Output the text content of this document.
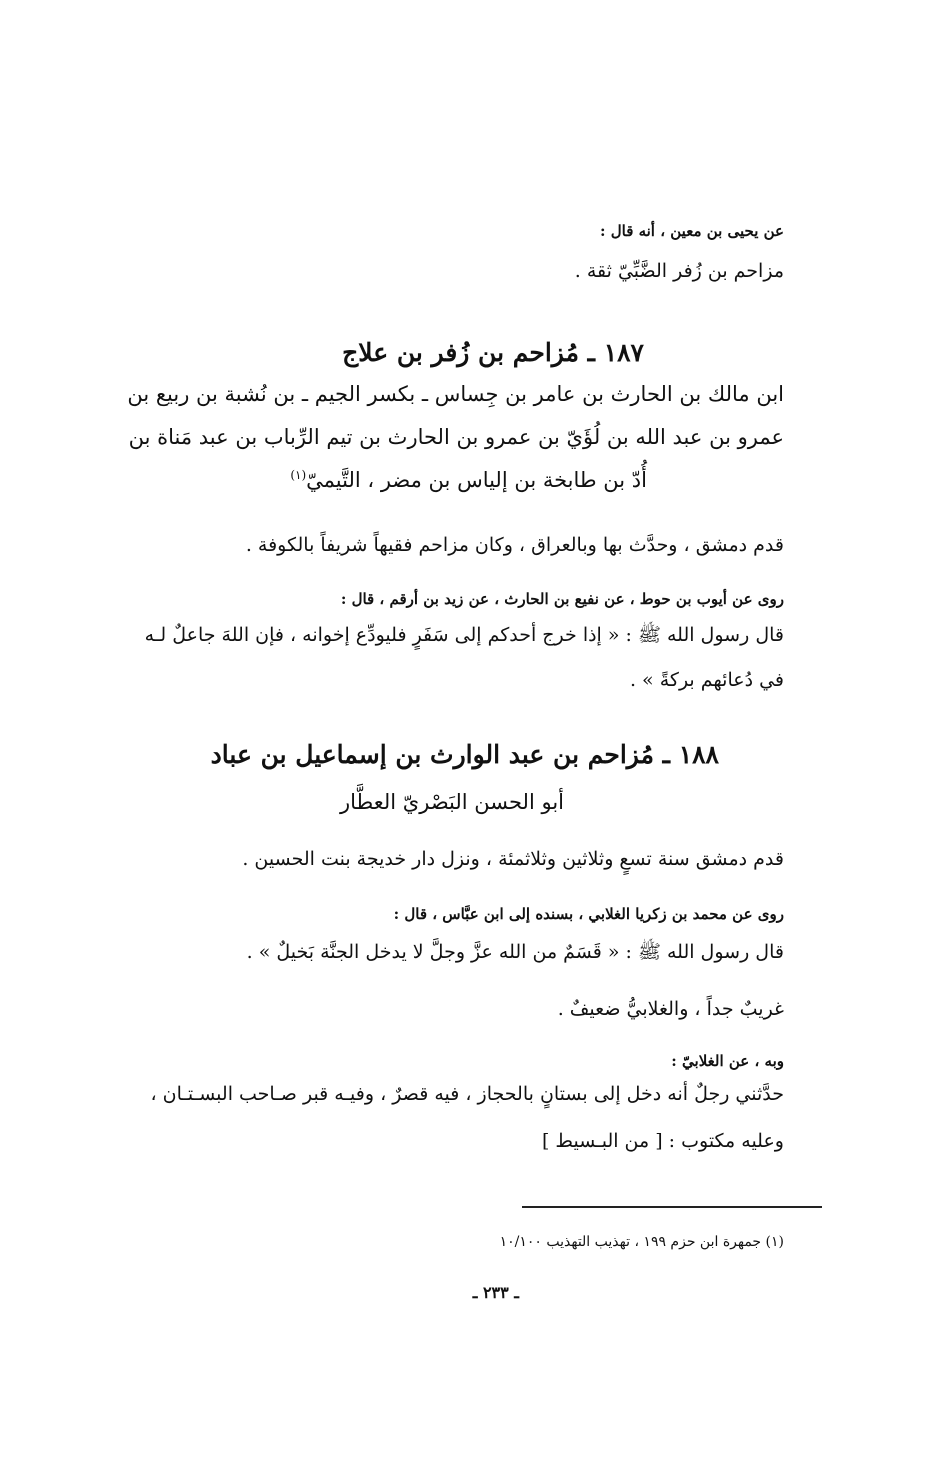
عن يحيى بن معين ، أنه قال :
مزاحم بن زُفر الضَّبِّيّ ثقة .
١٨٧ ـ مُزاحم بن زُفر بن علاج
ابن مالك بن الحارث بن عامر بن جِساس ـ بكسر الجيم ـ بن نُشبة بن ربيع بن
عمرو بن عبد الله بن لُؤَيّ بن عمرو بن الحارث بن تيم الرِّباب بن عبد مَناة بن
أُدّ بن طابخة بن إلياس بن مضر ، التَّيميّ$^{(١)}$
قدم دمشق ، وحدَّث بها وبالعراق ، وكان مزاحم فقيهاً شريفاً بالكوفة .
روى عن أيوب بن حوط ، عن نفيع بن الحارث ، عن زيد بن أرقم ، قال :
قال رسول الله ﷺ : « إذا خرج أحدكم إلى سَفَرٍ فليودِّع إخوانه ، فإن اللهَ جاعلٌ لـه
في دُعائهم بركةً » .
١٨٨ ـ مُزاحم بن عبد الوارث بن إسماعيل بن عباد
أبو الحسن البَصْريّ العطَّار
قدم دمشق سنة تسعٍ وثلاثين وثلاثمئة ، ونزل دار خديجة بنت الحسين .
روى عن محمد بن زكريا الغلابي ، بسنده إلى ابن عبَّاس ، قال :
قال رسول الله ﷺ : « قَسَمٌ من الله عزَّ وجلَّ لا يدخل الجنَّة بَخيلٌ » .
غريبٌ جداً ، والغلابيُّ ضعيفٌ .
وبه ، عن الغلابيّ :
حدَّثني رجلٌ أنه دخل إلى بستانٍ بالحجاز ، فيه قصرٌ ، وفيـه قبر صـاحب البسـتـان ،
وعليه مكتوب : [ من البـسيط ]
(١) جمهرة ابن حزم ١٩٩ ، تهذيب التهذيب ١٠/١٠٠
ـ ٢٣٣ ـ
